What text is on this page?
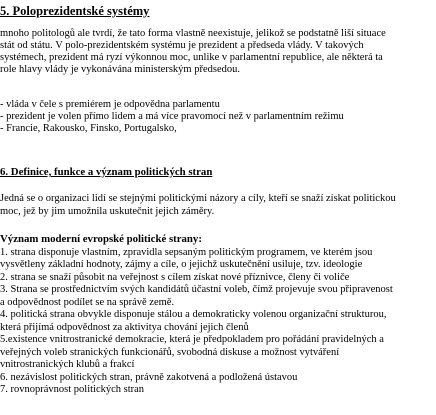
5. Poloprezidentské systémy
mnoho politologů ale tvrdí, že tato forma vlastně neexistuje, jelikož se podstatně liší situace
stát od státu. V polo-prezidentském systému je prezident a předseda vlády. V takových
systémech, prezident má ryzí výkonnou moc, unlike v parlamentní republice, ale některá ta
role hlavy vlády je vykonávána ministerským předsedou.
- vláda v čele s premiérem je odpovědna parlamentu
- prezident je volen přímo lidem a má více pravomocí než v parlamentním režimu
- Francie, Rakousko, Finsko, Portugalsko,
6. Definice, funkce a význam politických stran
Jedná se o organizaci lidí se stejnými politickými názory a cíly, kteří se snaží získat politickou
moc, jež by jim umožnila uskutečnit jejich záměry.
Význam moderní evropské politické strany:
1. strana disponuje vlastním, zpravidla sepsaným politickým programem, ve kterém jsou
vysvětleny základní hodnoty, zájmy a cíle, o jejichž uskutečnění usiluje, tzv. ideologie
2. strana se snaží působit na veřejnost s cílem získat nové příznivce, členy či voliče
3. Strana se prostřednictvím svých kandidátů účastní voleb, čímž projevuje svou připravenost
a odpovědnost podílet se na správě země.
4. politická strana obvykle disponuje stálou a demokraticky volenou organizační strukturou,
která přijímá odpovědnost za aktivitya chování jejich členů
5.existence vnitrostranické demokracie, která je předpokladem pro pořádání pravidelných a
veřejných voleb stranických funkcionářů, svobodná diskuse a možnost vytváření
vnitrostranických klubů a frakcí
6. nezávislost politických stran, právně zakotvená a podložená ústavou
7. rovnoprávnost politických stran
